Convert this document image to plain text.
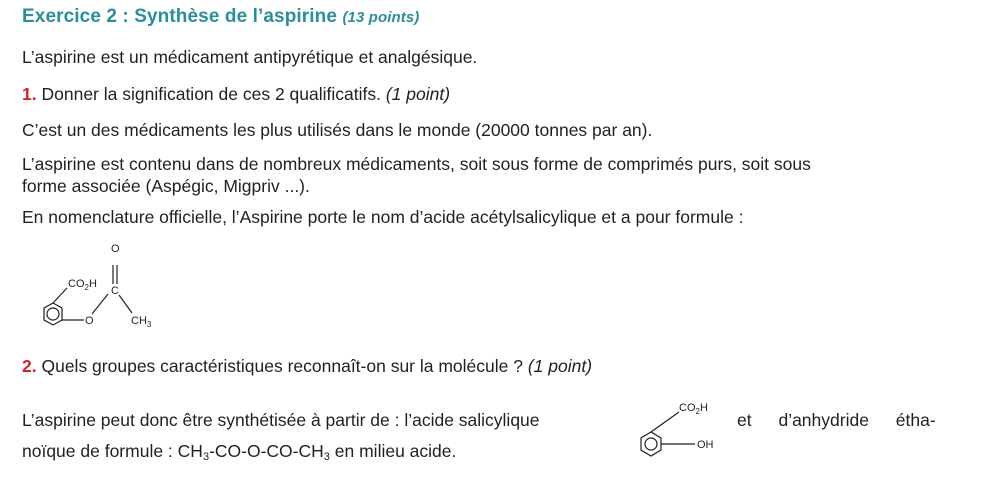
Exercice 2 : Synthèse de l’aspirine (13 points)
L’aspirine est un médicament antipyrétique et analgésique.
1. Donner la signification de ces 2 qualificatifs. (1 point)
C’est un des médicaments les plus utilisés dans le monde (20000 tonnes par an).
L’aspirine est contenu dans de nombreux médicaments, soit sous forme de comprimés purs, soit sous
forme associée (Aspégic, Migpriv ...).
En nomenclature officielle, l’Aspirine porte le nom d’acide acétylsalicylique et a pour formule :
O
$CO_2H$
C
O	$CH_3$
2. Quels groupes caractéristiques reconnaît-on sur la molécule ? (1 point)
L’aspirine peut donc être synthétisée à partir de : l’acide salicylique	et d’anhydride étha-
noïque de formule : $CH_3-CO-O-CO-CH_3$ en milieu acide.
$CO_2H$
OH
